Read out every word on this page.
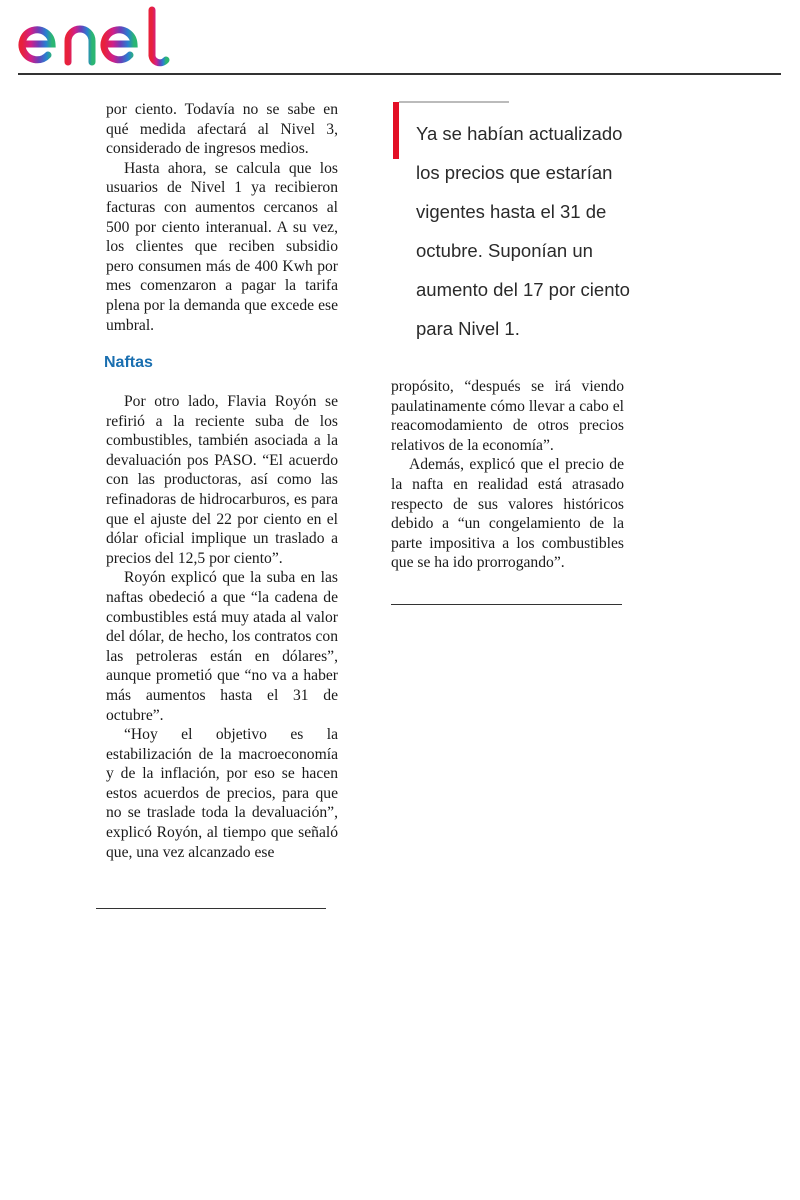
por ciento. Todavía no se sabe en qué medida afectará al Nivel 3, considerado de ingresos medios.

Hasta ahora, se calcula que los usuarios de Nivel 1 ya recibieron facturas con aumentos cercanos al 500 por ciento interanual. A su vez, los clientes que reciben subsidio pero consumen más de 400 Kwh por mes comenzaron a pagar la tarifa plena por la demanda que excede ese umbral.

Naftas

Por otro lado, Flavia Royón se refirió a la reciente suba de los combustibles, también asociada a la devaluación pos PASO. “El acuerdo con las productoras, así como las refinadoras de hidrocarburos, es para que el ajuste del 22 por ciento en el dólar oficial implique un traslado a precios del 12,5 por ciento”.

Royón explicó que la suba en las naftas obedeció a que “la cadena de combustibles está muy atada al valor del dólar, de hecho, los contratos con las petroleras están en dólares”, aunque prometió que “no va a haber más aumentos hasta el 31 de octubre”.

“Hoy el objetivo es la estabilización de la macroeconomía y de la inflación, por eso se hacen estos acuerdos de precios, para que no se traslade toda la devaluación”, explicó Royón, al tiempo que señaló que, una vez alcanzado ese

Ya se habían actualizado los precios que estarían vigentes hasta el 31 de octubre. Suponían un aumento del 17 por ciento para Nivel 1.

propósito, “después se irá viendo paulatinamente cómo llevar a cabo el reacomodamiento de otros precios relativos de la economía”.

Además, explicó que el precio de la nafta en realidad está atrasado respecto de sus valores históricos debido a “un congelamiento de la parte impositiva a los combustibles que se ha ido prorrogando”.
